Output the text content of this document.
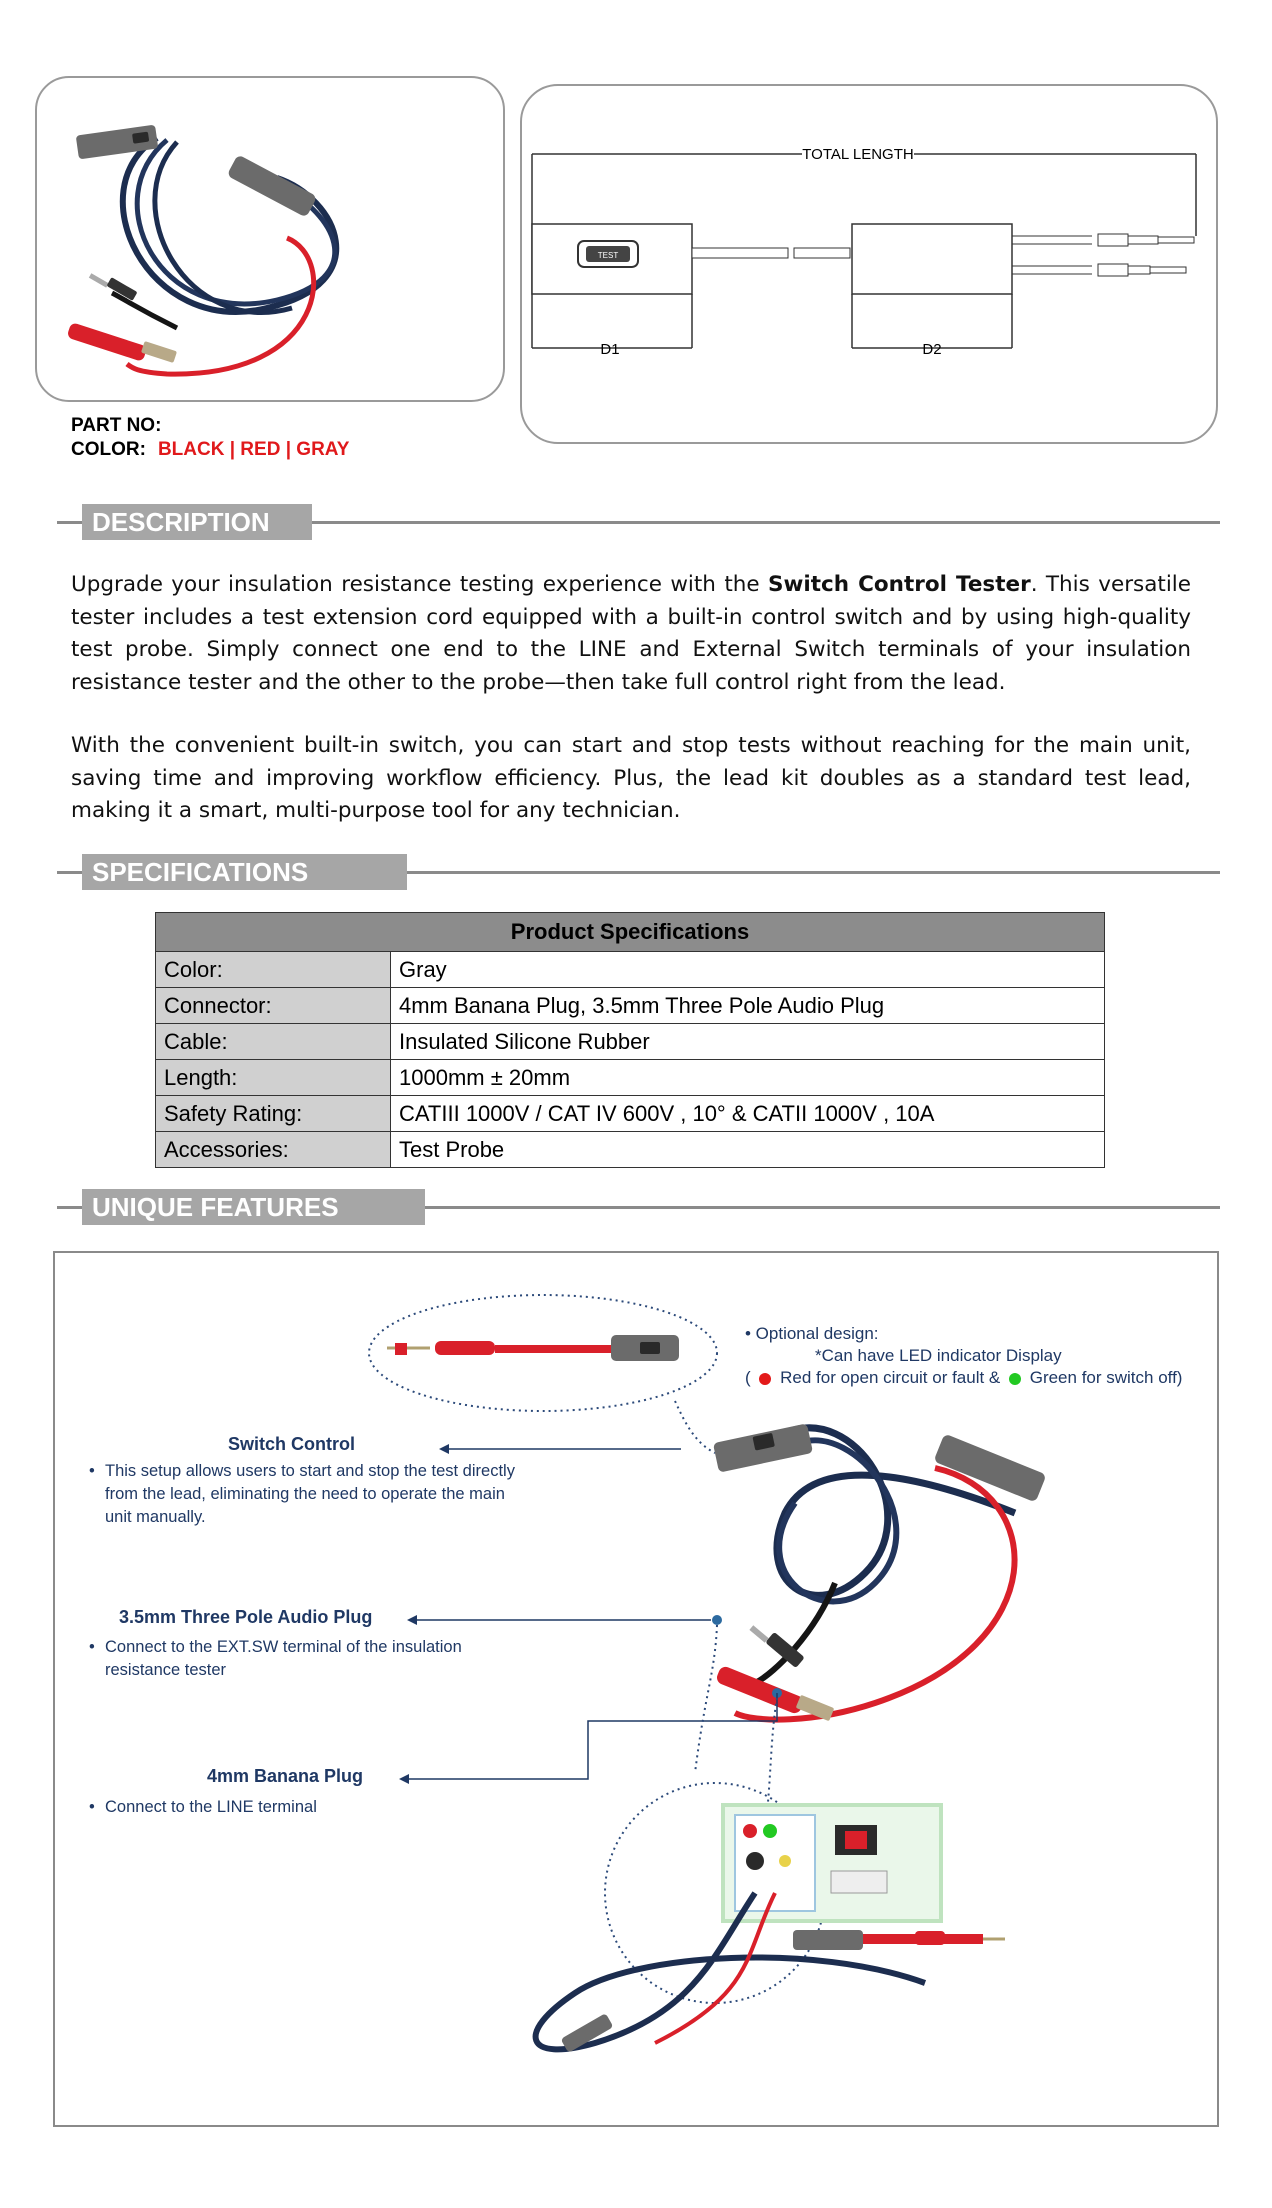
TOTAL LENGTH
TEST
D1	D2
PART NO:
COLOR: BLACK | RED | GRAY
DESCRIPTION
Upgrade your insulation resistance testing experience with the Switch Control Tester. This versatile tester includes a test extension cord equipped with a built-in control switch and by using high-quality test probe. Simply connect one end to the LINE and External Switch terminals of your insulation resistance tester and the other to the probe—then take full control right from the lead.
With the convenient built-in switch, you can start and stop tests without reaching for the main unit, saving time and improving workflow efficiency. Plus, the lead kit doubles as a standard test lead, making it a smart, multi-purpose tool for any technician.
SPECIFICATIONS
Product Specifications	
Color:	Gray
Connector:	4mm Banana Plug, 3.5mm Three Pole Audio Plug
Cable:	Insulated Silicone Rubber
Length:	1000mm ± 20mm
Safety Rating:	CATIII 1000V / CAT IV 600V , 10° & CATII 1000V , 10A
Accessories:	Test Probe
UNIQUE FEATURES
• Optional design:
*Can have LED indicator Display
(  Red for open circuit or fault &  Green for switch off)
Switch Control
• This setup allows users to start and stop the test directly from the lead, eliminating the need to operate the main unit manually.
3.5mm Three Pole Audio Plug
• Connect to the EXT.SW terminal of the insulation resistance tester
4mm Banana Plug
• Connect to the LINE terminal
